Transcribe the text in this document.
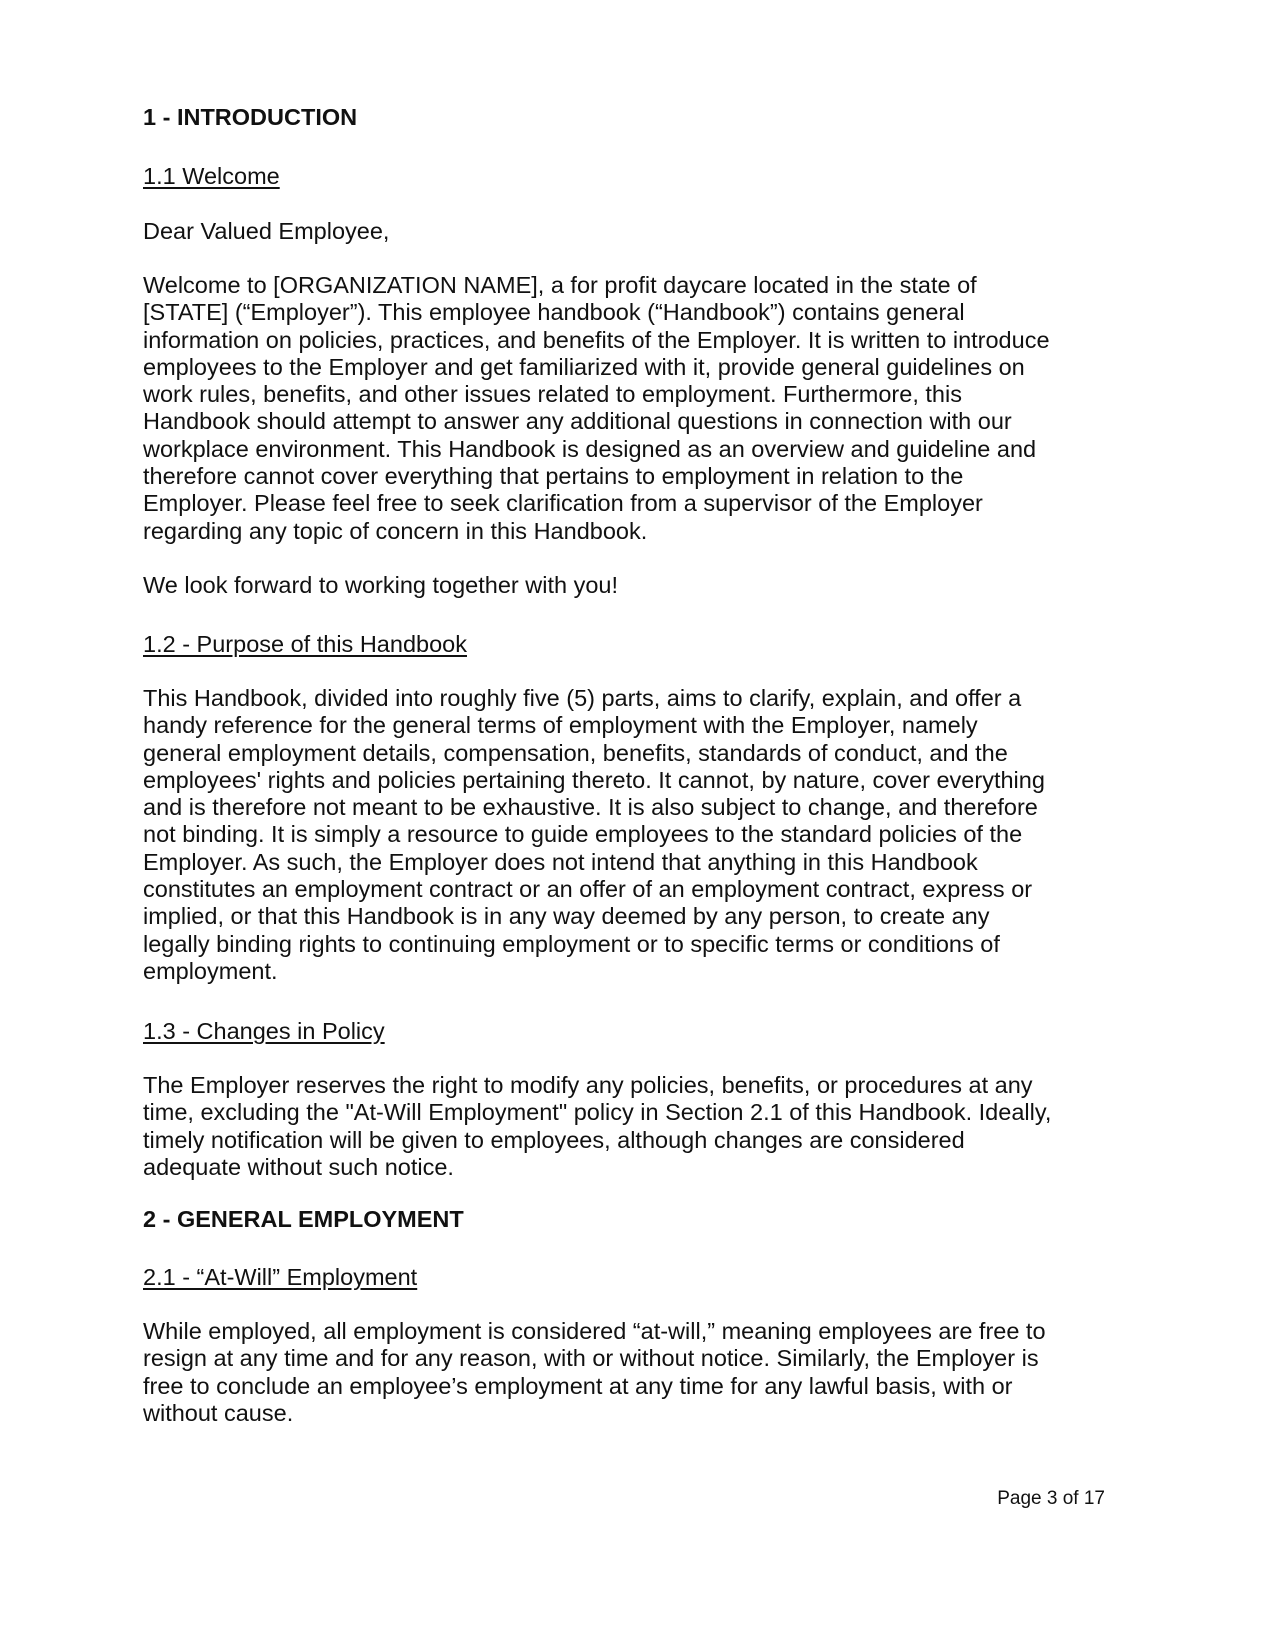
1 - INTRODUCTION
1.1 Welcome
Dear Valued Employee,
Welcome to [ORGANIZATION NAME], a for profit daycare located in the state of
[STATE] (“Employer”). This employee handbook (“Handbook”) contains general
information on policies, practices, and benefits of the Employer. It is written to introduce
employees to the Employer and get familiarized with it, provide general guidelines on
work rules, benefits, and other issues related to employment. Furthermore, this
Handbook should attempt to answer any additional questions in connection with our
workplace environment. This Handbook is designed as an overview and guideline and
therefore cannot cover everything that pertains to employment in relation to the
Employer. Please feel free to seek clarification from a supervisor of the Employer
regarding any topic of concern in this Handbook.
We look forward to working together with you!
1.2 - Purpose of this Handbook
This Handbook, divided into roughly five (5) parts, aims to clarify, explain, and offer a
handy reference for the general terms of employment with the Employer, namely
general employment details, compensation, benefits, standards of conduct, and the
employees' rights and policies pertaining thereto. It cannot, by nature, cover everything
and is therefore not meant to be exhaustive. It is also subject to change, and therefore
not binding. It is simply a resource to guide employees to the standard policies of the
Employer. As such, the Employer does not intend that anything in this Handbook
constitutes an employment contract or an offer of an employment contract, express or
implied, or that this Handbook is in any way deemed by any person, to create any
legally binding rights to continuing employment or to specific terms or conditions of
employment.
1.3 - Changes in Policy
The Employer reserves the right to modify any policies, benefits, or procedures at any
time, excluding the "At-Will Employment" policy in Section 2.1 of this Handbook. Ideally,
timely notification will be given to employees, although changes are considered
adequate without such notice.
2 - GENERAL EMPLOYMENT
2.1 - “At-Will” Employment
While employed, all employment is considered “at-will,” meaning employees are free to
resign at any time and for any reason, with or without notice. Similarly, the Employer is
free to conclude an employee’s employment at any time for any lawful basis, with or
without cause.
Page 3 of 17
